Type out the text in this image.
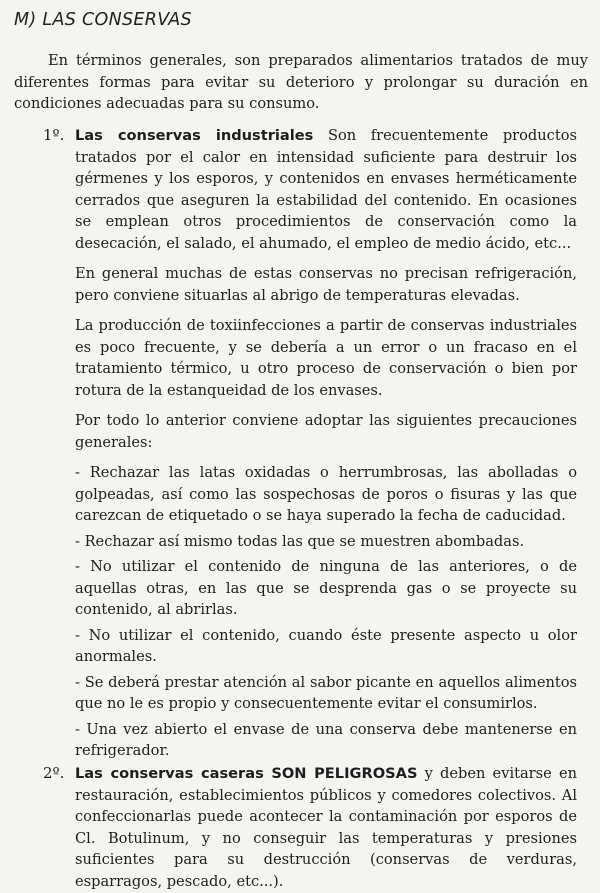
M) LAS CONSERVAS

En términos generales, son preparados alimentarios tratados de muy diferentes formas para evitar su deterioro y prolongar su duración en condiciones adecuadas para su consumo.

1º. Las conservas industriales Son frecuentemente productos tratados por el calor en intensidad suficiente para destruir los gérmenes y los esporos, y contenidos en envases herméticamente cerrados que aseguren la estabilidad del contenido. En ocasiones se emplean otros procedimientos de conservación como la desecación, el salado, el ahumado, el empleo de medio ácido, etc...

En general muchas de estas conservas no precisan refrigeración, pero conviene situarlas al abrigo de temperaturas elevadas.

La producción de toxiinfecciones a partir de conservas industriales es poco frecuente, y se debería a un error o un fracaso en el tratamiento térmico, u otro proceso de conservación o bien por rotura de la estanqueidad de los envases.

Por todo lo anterior conviene adoptar las siguientes precauciones generales:

- Rechazar las latas oxidadas o herrumbrosas, las abolladas o golpeadas, así como las sospechosas de poros o fisuras y las que carezcan de etiquetado o se haya superado la fecha de caducidad.

- Rechazar así mismo todas las que se muestren abombadas.

- No utilizar el contenido de ninguna de las anteriores, o de aquellas otras, en las que se desprenda gas o se proyecte su contenido, al abrirlas.

- No utilizar el contenido, cuando éste presente aspecto u olor anormales.

- Se deberá prestar atención al sabor picante en aquellos alimentos que no le es propio y consecuentemente evitar el consumirlos.

- Una vez abierto el envase de una conserva debe mantenerse en refrigerador.

2º. Las conservas caseras SON PELIGROSAS y deben evitarse en restauración, establecimientos públicos y comedores colectivos. Al confeccionarlas puede acontecer la contaminación por esporos de Cl. Botulinum, y no conseguir las temperaturas y presiones suficientes para su destrucción (conservas de verduras, esparragos, pescado, etc...).
